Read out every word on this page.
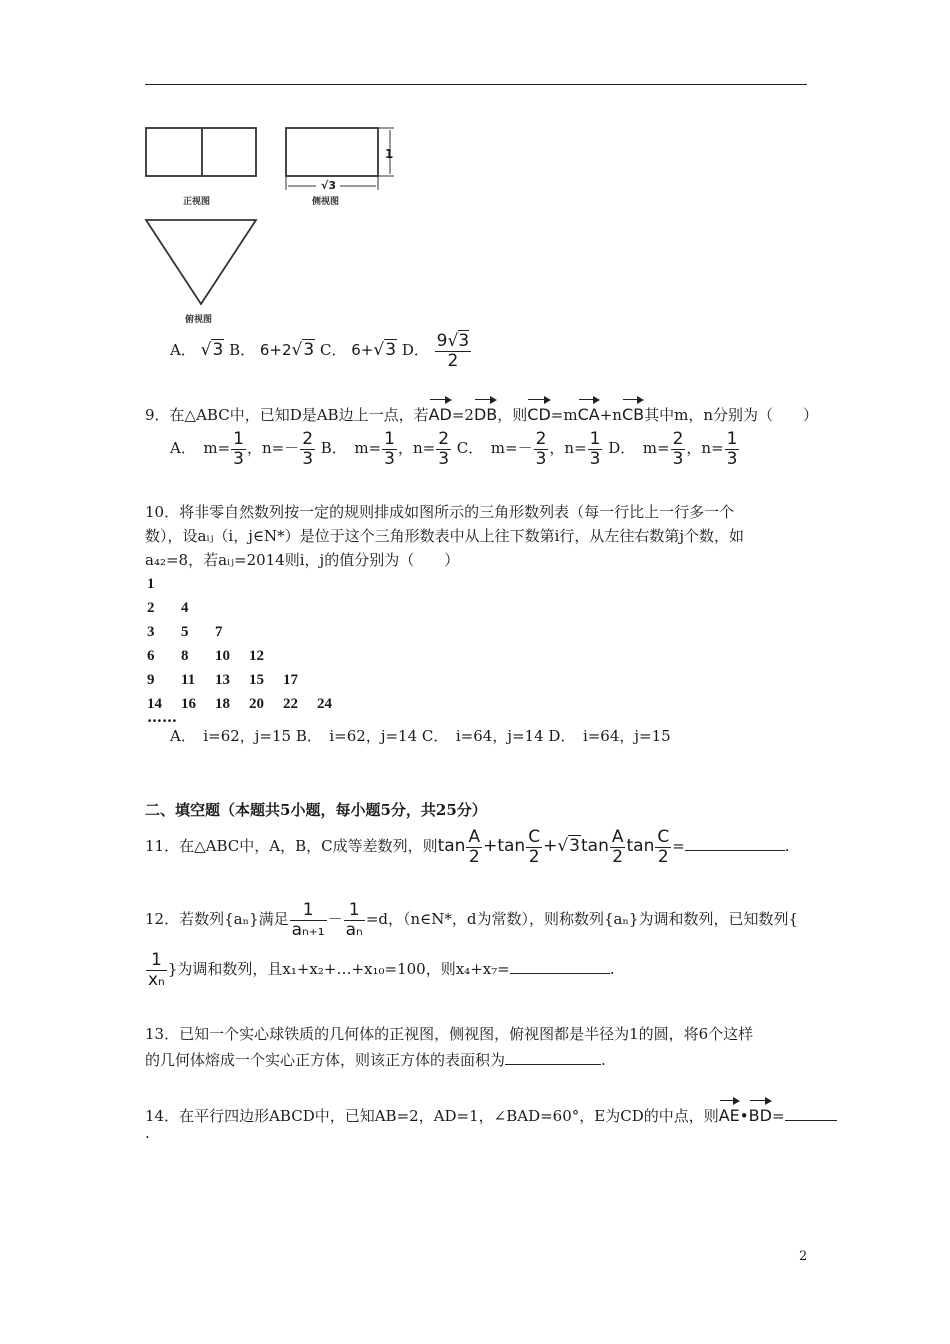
正视图	侧视图
俯视图
1
√3
A． √3 B． 6+2√3 C． 6+√3 D． $\frac{9√3}{2}$
9．在△ABC中，已知D是AB边上一点，若AD=2DB，则CD=mCA+nCB其中m，n分别为（　　）
A．　$m= \frac{1}{3}$ ，$n=- \frac{2}{3}$ B．　$m= \frac{1}{3}$ ，$n= \frac{2}{3}$ C．　$m=- \frac{2}{3}$ ，$n= \frac{1}{3}$ D．　$m= \frac{2}{3}$ ，$n= \frac{1}{3}$
10．将非零自然数列按一定的规则排成如图所示的三角形数列表（每一行比上一行多一个
数），设aᵢⱼ（i，j∈N*）是位于这个三角形数表中从上往下数第i行，从左往右数第j个数，如
a₄₂=8，若aᵢⱼ=2014则i，j的值分别为（　　）
1
2 4
3 5 7
6 8 10 12
9 11 13 15 17
14 16 18 20 22 24
……
A．　i=62，j=15 B．　i=62，j=14 C．　i=64，j=14 D．　i=64，j=15
二、填空题（本题共5小题，每小题5分，共25分）
11．在△ABC中，A，B，C成等差数列，则$\tan \frac{A}{2} +\tan \frac{C}{2} +√3\tan \frac{A}{2}$ $\tan \frac{C}{2}$ =	.
12．若数列{aₙ}满足 $\frac{1}{\text{aₙ₊₁}} - \frac{1}{\text{aₙ}} =d$，（n∈N*，d为常数），则称数列{aₙ}为调和数列，已知数列{
$\frac{1}{\text{xₙ}}$ }为调和数列，且x₁+x₂+…+x₁₀=100，则x₄+x₇=	.
13．已知一个实心球铁质的几何体的正视图，侧视图，俯视图都是半径为1的圆，将6个这样
的几何体熔成一个实心正方体，则该正方体的表面积为	.
14．在平行四边形ABCD中，已知AB=2，AD=1，∠BAD=60°，E为CD的中点，则AE•BD=
.
2
